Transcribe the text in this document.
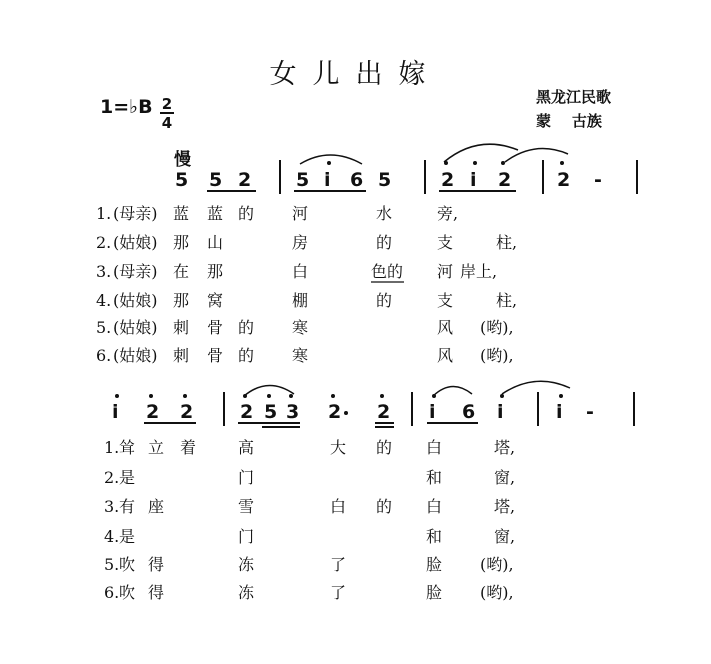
女儿出嫁
黑龙江民歌
蒙    古族
1=♭B 2
4
慢
5 5 2 5 i 6 5	2 i 2 2 -
1. (母亲) 蓝 蓝 的 河	水	旁,
2. (姑娘) 那 山	房	的	支	柱,
3. (母亲) 在 那	白	色的 河 岸上,
4. (姑娘) 那 窝	棚	的	支	柱,
5. (姑娘) 刺 骨 的 寒	风 (哟),
6. (姑娘) 刺 骨 的 寒	风 (哟),
i 2 2 2 5 3 2 2 i 6 i	i -
1. 耸 立 着	高	大 的 白	塔,
2. 是	门	和	窗,
3. 有 座	雪	白 的 白	塔,
4. 是	门	和	窗,
5. 吹 得	冻	了	脸 (哟),
6. 吹 得	冻	了	脸 (哟),
